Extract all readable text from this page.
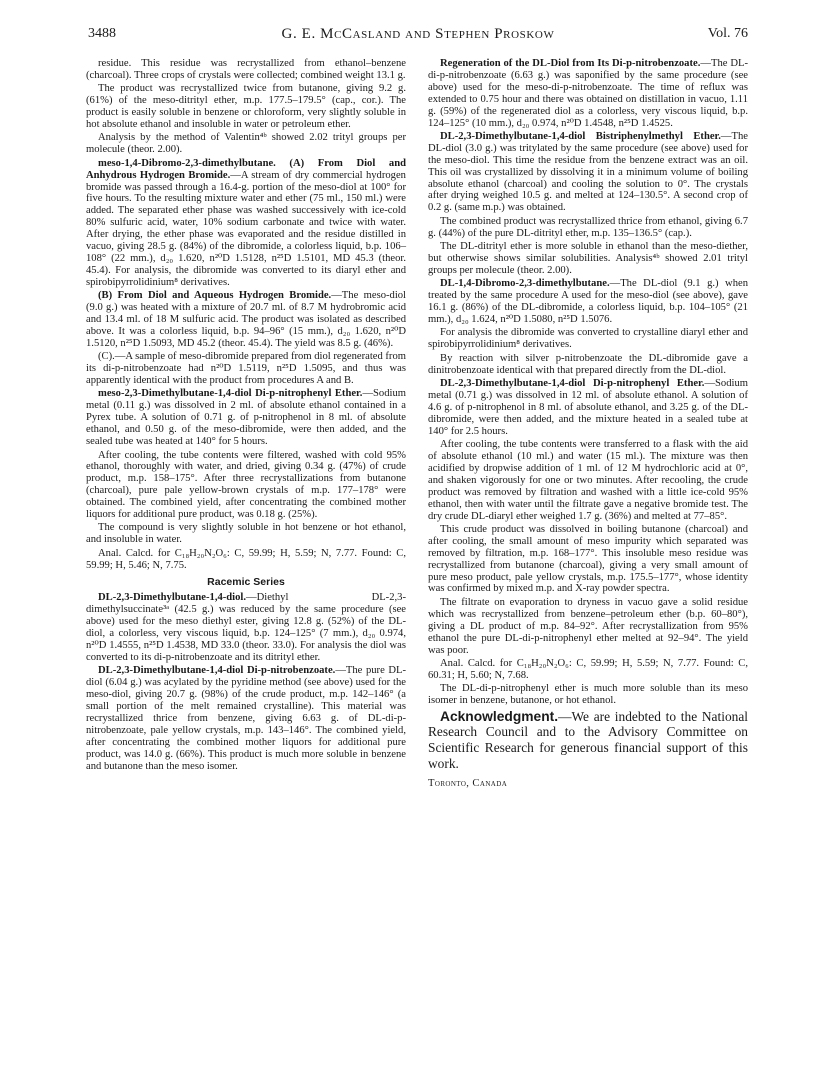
3488	G. E. McCasland and Stephen Proskow	Vol. 76

residue. This residue was recrystallized from ethanol–benzene (charcoal). Three crops of crystals were collected; combined weight 13.1 g.

The product was recrystallized twice from butanone, giving 9.2 g. (61%) of the meso-ditrityl ether, m.p. 177.5–179.5° (cap., cor.). The product is easily soluble in benzene or chloroform, very slightly soluble in hot absolute ethanol and insoluble in water or petroleum ether.

Analysis by the method of Valentin⁴ᵇ showed 2.02 trityl groups per molecule (theor. 2.00).

meso-1,4-Dibromo-2,3-dimethylbutane. (A) From Diol and Anhydrous Hydrogen Bromide.—A stream of dry commercial hydrogen bromide was passed through a 16.4-g. portion of the meso-diol at 100° for five hours. To the resulting mixture water and ether (75 ml., 150 ml.) were added. The separated ether phase was washed successively with ice-cold 80% sulfuric acid, water, 10% sodium carbonate and twice with water. After drying, the ether phase was evaporated and the residue distilled in vacuo, giving 28.5 g. (84%) of the dibromide, a colorless liquid, b.p. 106–108° (22 mm.), d₂₀ 1.620, n²⁰D 1.5128, n²⁵D 1.5101, MD 45.3 (theor. 45.4). For analysis, the dibromide was converted to its diaryl ether and spirobipyrrolidinium⁸ derivatives.

(B) From Diol and Aqueous Hydrogen Bromide.—The meso-diol (9.0 g.) was heated with a mixture of 20.7 ml. of 8.7 M hydrobromic acid and 13.4 ml. of 18 M sulfuric acid. The product was isolated as described above. It was a colorless liquid, b.p. 94–96° (15 mm.), d₂₀ 1.620, n²⁰D 1.5120, n²⁵D 1.5093, MD 45.2 (theor. 45.4). The yield was 8.5 g. (46%).

(C).—A sample of meso-dibromide prepared from diol regenerated from its di-p-nitrobenzoate had n²⁰D 1.5119, n²⁵D 1.5095, and thus was apparently identical with the product from procedures A and B.

meso-2,3-Dimethylbutane-1,4-diol Di-p-nitrophenyl Ether.—Sodium metal (0.11 g.) was dissolved in 2 ml. of absolute ethanol contained in a Pyrex tube. A solution of 0.71 g. of p-nitrophenol in 8 ml. of absolute ethanol, and 0.50 g. of the meso-dibromide, were then added, and the sealed tube was heated at 140° for 5 hours.

After cooling, the tube contents were filtered, washed with cold 95% ethanol, thoroughly with water, and dried, giving 0.34 g. (47%) of crude product, m.p. 158–175°. After three recrystallizations from butanone (charcoal), pure pale yellow-brown crystals of m.p. 177–178° were obtained. The combined yield, after concentrating the combined mother liquors for additional pure product, was 0.18 g. (25%).

The compound is very slightly soluble in hot benzene or hot ethanol, and insoluble in water.

Anal. Calcd. for C₁₈H₂₀N₂O₆: C, 59.99; H, 5.59; N, 7.77. Found: C, 59.99; H, 5.46; N, 7.75.

Racemic Series

DL-2,3-Dimethylbutane-1,4-diol.—Diethyl DL-2,3-dimethylsuccinate³ᵃ (42.5 g.) was reduced by the same procedure (see above) used for the meso diethyl ester, giving 12.8 g. (52%) of the DL-diol, a colorless, very viscous liquid, b.p. 124–125° (7 mm.), d₂₀ 0.974, n²⁰D 1.4555, n²⁵D 1.4538, MD 33.0 (theor. 33.0). For analysis the diol was converted to its di-p-nitrobenzoate and its ditrityl ether.

DL-2,3-Dimethylbutane-1,4-diol Di-p-nitrobenzoate.—The pure DL-diol (6.04 g.) was acylated by the pyridine method (see above) used for the meso-diol, giving 20.7 g. (98%) of the crude product, m.p. 142–146° (a small portion of the melt remained crystalline). This material was recrystallized thrice from benzene, giving 6.63 g. of DL-di-p-nitrobenzoate, pale yellow crystals, m.p. 143–146°. The combined yield, after concentrating the combined mother liquors for additional pure product, was 14.0 g. (66%). This product is much more soluble in benzene and butanone than the meso isomer.

Regeneration of the DL-Diol from Its Di-p-nitrobenzoate.—The DL-di-p-nitrobenzoate (6.63 g.) was saponified by the same procedure (see above) used for the meso-di-p-nitrobenzoate. The time of reflux was extended to 0.75 hour and there was obtained on distillation in vacuo, 1.11 g. (59%) of the regenerated diol as a colorless, very viscous liquid, b.p. 124–125° (10 mm.), d₂₀ 0.974, n²⁰D 1.4548, n²⁵D 1.4525.

DL-2,3-Dimethylbutane-1,4-diol Bistriphenylmethyl Ether.—The DL-diol (3.0 g.) was tritylated by the same procedure (see above) used for the meso-diol. This time the residue from the benzene extract was an oil. This oil was crystallized by dissolving it in a minimum volume of boiling absolute ethanol (charcoal) and cooling the solution to 0°. The crystals after drying weighed 10.5 g. and melted at 124–130.5°. A second crop of 0.2 g. (same m.p.) was obtained.

The combined product was recrystallized thrice from ethanol, giving 6.7 g. (44%) of the pure DL-ditrityl ether, m.p. 135–136.5° (cap.).

The DL-ditrityl ether is more soluble in ethanol than the meso-diether, but otherwise shows similar solubilities. Analysis⁴ᵇ showed 2.01 trityl groups per molecule (theor. 2.00).

DL-1,4-Dibromo-2,3-dimethylbutane.—The DL-diol (9.1 g.) when treated by the same procedure A used for the meso-diol (see above), gave 16.1 g. (86%) of the DL-dibromide, a colorless liquid, b.p. 104–105° (21 mm.), d₂₀ 1.624, n²⁰D 1.5080, n²⁵D 1.5076.

For analysis the dibromide was converted to crystalline diaryl ether and spirobipyrrolidinium⁸ derivatives.

By reaction with silver p-nitrobenzoate the DL-dibromide gave a dinitrobenzoate identical with that prepared directly from the DL-diol.

DL-2,3-Dimethylbutane-1,4-diol Di-p-nitrophenyl Ether.—Sodium metal (0.71 g.) was dissolved in 12 ml. of absolute ethanol. A solution of 4.6 g. of p-nitrophenol in 8 ml. of absolute ethanol, and 3.25 g. of the DL-dibromide, were then added, and the mixture heated in a sealed tube at 140° for 2.5 hours.

After cooling, the tube contents were transferred to a flask with the aid of absolute ethanol (10 ml.) and water (15 ml.). The mixture was then acidified by dropwise addition of 1 ml. of 12 M hydrochloric acid at 0°, and shaken vigorously for one or two minutes. After recooling, the crude product was removed by filtration and washed with a little ice-cold 95% ethanol, then with water until the filtrate gave a negative bromide test. The dry crude DL-diaryl ether weighed 1.7 g. (36%) and melted at 77–85°.

This crude product was dissolved in boiling butanone (charcoal) and after cooling, the small amount of meso impurity which separated was removed by filtration, m.p. 168–177°. This insoluble meso residue was recrystallized from butanone (charcoal), giving a very small amount of pure meso product, pale yellow crystals, m.p. 175.5–177°, whose identity was confirmed by mixed m.p. and X-ray powder spectra.

The filtrate on evaporation to dryness in vacuo gave a solid residue which was recrystallized from benzene–petroleum ether (b.p. 60–80°), giving a DL product of m.p. 84–92°. After recrystallization from 95% ethanol the pure DL-di-p-nitrophenyl ether melted at 92–94°. The yield was poor.

Anal. Calcd. for C₁₈H₂₀N₂O₆: C, 59.99; H, 5.59; N, 7.77. Found: C, 60.31; H, 5.60; N, 7.68.

The DL-di-p-nitrophenyl ether is much more soluble than its meso isomer in benzene, butanone, or hot ethanol.

Acknowledgment.—We are indebted to the National Research Council and to the Advisory Committee on Scientific Research for generous financial support of this work.

Toronto, Canada
